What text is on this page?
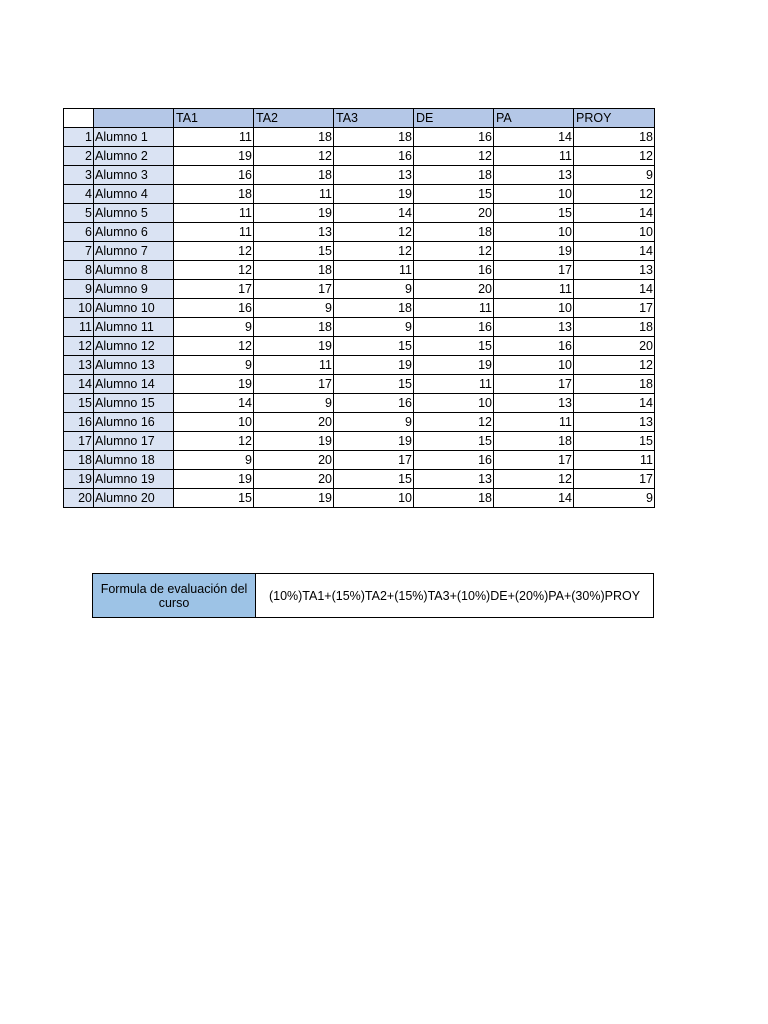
		TA1	TA2	TA3	DE	PA	PROY
1	Alumno 1	11	18	18	16	14	18
2	Alumno 2	19	12	16	12	11	12
3	Alumno 3	16	18	13	18	13	9
4	Alumno 4	18	11	19	15	10	12
5	Alumno 5	11	19	14	20	15	14
6	Alumno 6	11	13	12	18	10	10
7	Alumno 7	12	15	12	12	19	14
8	Alumno 8	12	18	11	16	17	13
9	Alumno 9	17	17	9	20	11	14
10	Alumno 10	16	9	18	11	10	17
11	Alumno 11	9	18	9	16	13	18
12	Alumno 12	12	19	15	15	16	20
13	Alumno 13	9	11	19	19	10	12
14	Alumno 14	19	17	15	11	17	18
15	Alumno 15	14	9	16	10	13	14
16	Alumno 16	10	20	9	12	11	13
17	Alumno 17	12	19	19	15	18	15
18	Alumno 18	9	20	17	16	17	11
19	Alumno 19	19	20	15	13	12	17
20	Alumno 20	15	19	10	18	14	9
Formula de evaluación del curso	(10%)TA1+(15%)TA2+(15%)TA3+(10%)DE+(20%)PA+(30%)PROY
